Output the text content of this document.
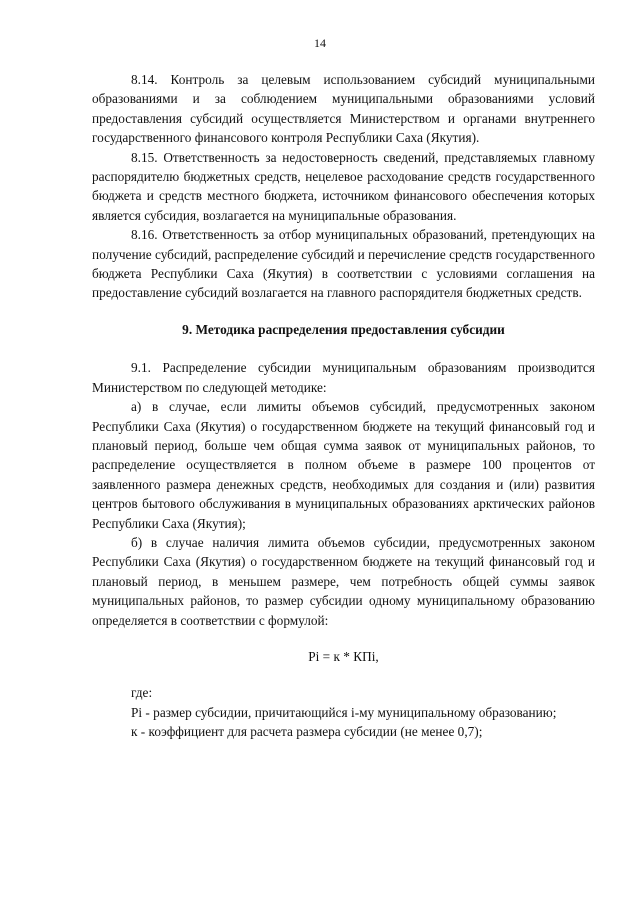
14

8.14. Контроль за целевым использованием субсидий муниципальными образованиями и за соблюдением муниципальными образованиями условий предоставления субсидий осуществляется Министерством и органами внутреннего государственного финансового контроля Республики Саха (Якутия).

8.15. Ответственность за недостоверность сведений, представляемых главному распорядителю бюджетных средств, нецелевое расходование средств государственного бюджета и средств местного бюджета, источником финансового обеспечения которых является субсидия, возлагается на муниципальные образования.

8.16. Ответственность за отбор муниципальных образований, претендующих на получение субсидий, распределение субсидий и перечисление средств государственного бюджета Республики Саха (Якутия) в соответствии с условиями соглашения на предоставление субсидий возлагается на главного распорядителя бюджетных средств.

9. Методика распределения предоставления субсидии

9.1. Распределение субсидии муниципальным образованиям производится Министерством по следующей методике:

а) в случае, если лимиты объемов субсидий, предусмотренных законом Республики Саха (Якутия) о государственном бюджете на текущий финансовый год и плановый период, больше чем общая сумма заявок от муниципальных районов, то распределение осуществляется в полном объеме в размере 100 процентов от заявленного размера денежных средств, необходимых для создания и (или) развития центров бытового обслуживания в муниципальных образованиях арктических районов Республики Саха (Якутия);

б) в случае наличия лимита объемов субсидии, предусмотренных законом Республики Саха (Якутия) о государственном бюджете на текущий финансовый год и плановый период, в меньшем размере, чем потребность общей суммы заявок муниципальных районов, то размер субсидии одному муниципальному образованию определяется в соответствии с формулой:

Pi = к * КПi,

где:

Pi - размер субсидии, причитающийся i-му муниципальному образованию;

к - коэффициент для расчета размера субсидии (не менее 0,7);
